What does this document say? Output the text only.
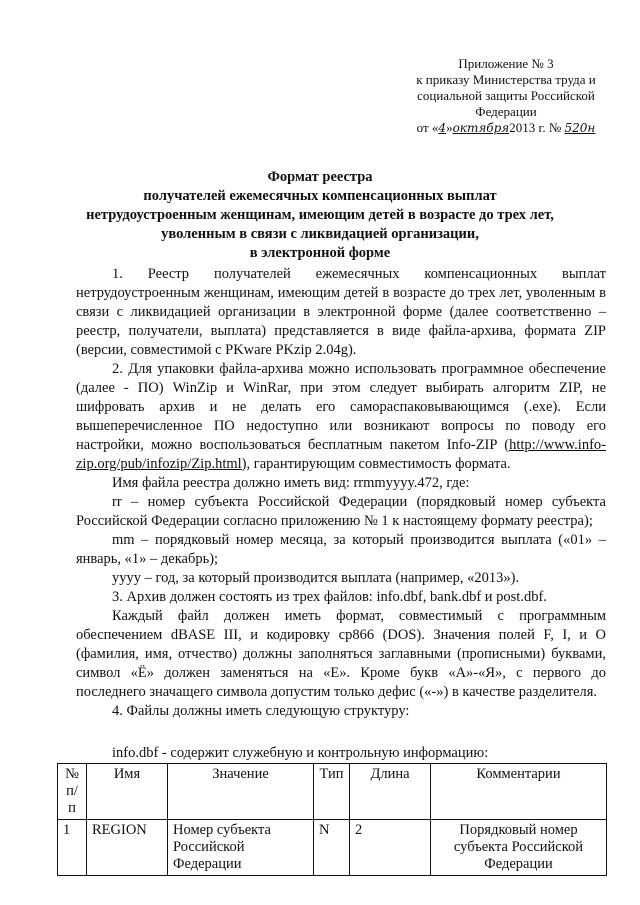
Приложение № 3
к приказу Министерства труда и
социальной защиты Российской
Федерации
от «4»октября2013 г. № 520н
Формат реестра
получателей ежемесячных компенсационных выплат
нетрудоустроенным женщинам, имеющим детей в возрасте до трех лет,
уволенным в связи с ликвидацией организации,
в электронной форме

1. Реестр получателей ежемесячных компенсационных выплат нетрудоустроенным женщинам, имеющим детей в возрасте до трех лет, уволенным в связи с ликвидацией организации в электронной форме (далее соответственно – реестр, получатели, выплата) представляется в виде файла-архива, формата ZIP (версии, совместимой с PKware PKzip 2.04g).

2. Для упаковки файла-архива можно использовать программное обеспечение (далее - ПО) WinZip и WinRar, при этом следует выбирать алгоритм ZIP, не шифровать архив и не делать его самораспаковывающимся (.exe). Если вышеперечисленное ПО недоступно или возникают вопросы по поводу его настройки, можно воспользоваться бесплатным пакетом Info-ZIP (http://www.info-zip.org/pub/infozip/Zip.html), гарантирующим совместимость формата.

Имя файла реестра должно иметь вид: rrmmyyyy.472, где:

rr – номер субъекта Российской Федерации (порядковый номер субъекта Российской Федерации согласно приложению № 1 к настоящему формату реестра);

mm – порядковый номер месяца, за который производится выплата («01» – январь, «1» – декабрь);

yyyy – год, за который производится выплата (например, «2013»).

3. Архив должен состоять из трех файлов: info.dbf, bank.dbf и post.dbf.

Каждый файл должен иметь формат, совместимый с программным обеспечением dBASE III, и кодировку cp866 (DOS). Значения полей F, I, и O (фамилия, имя, отчество) должны заполняться заглавными (прописными) буквами, символ «Ё» должен заменяться на «Е». Кроме букв «А»-«Я», с первого до последнего значащего символа допустим только дефис («-») в качестве разделителя.

4. Файлы должны иметь следующую структуру:

info.dbf - содержит служебную и контрольную информацию:
№ п/п	Имя	Значение	Тип	Длина	Комментарии
1	REGION	Номер субъекта Российской Федерации	N	2	Порядковый номер субъекта Российской Федерации
